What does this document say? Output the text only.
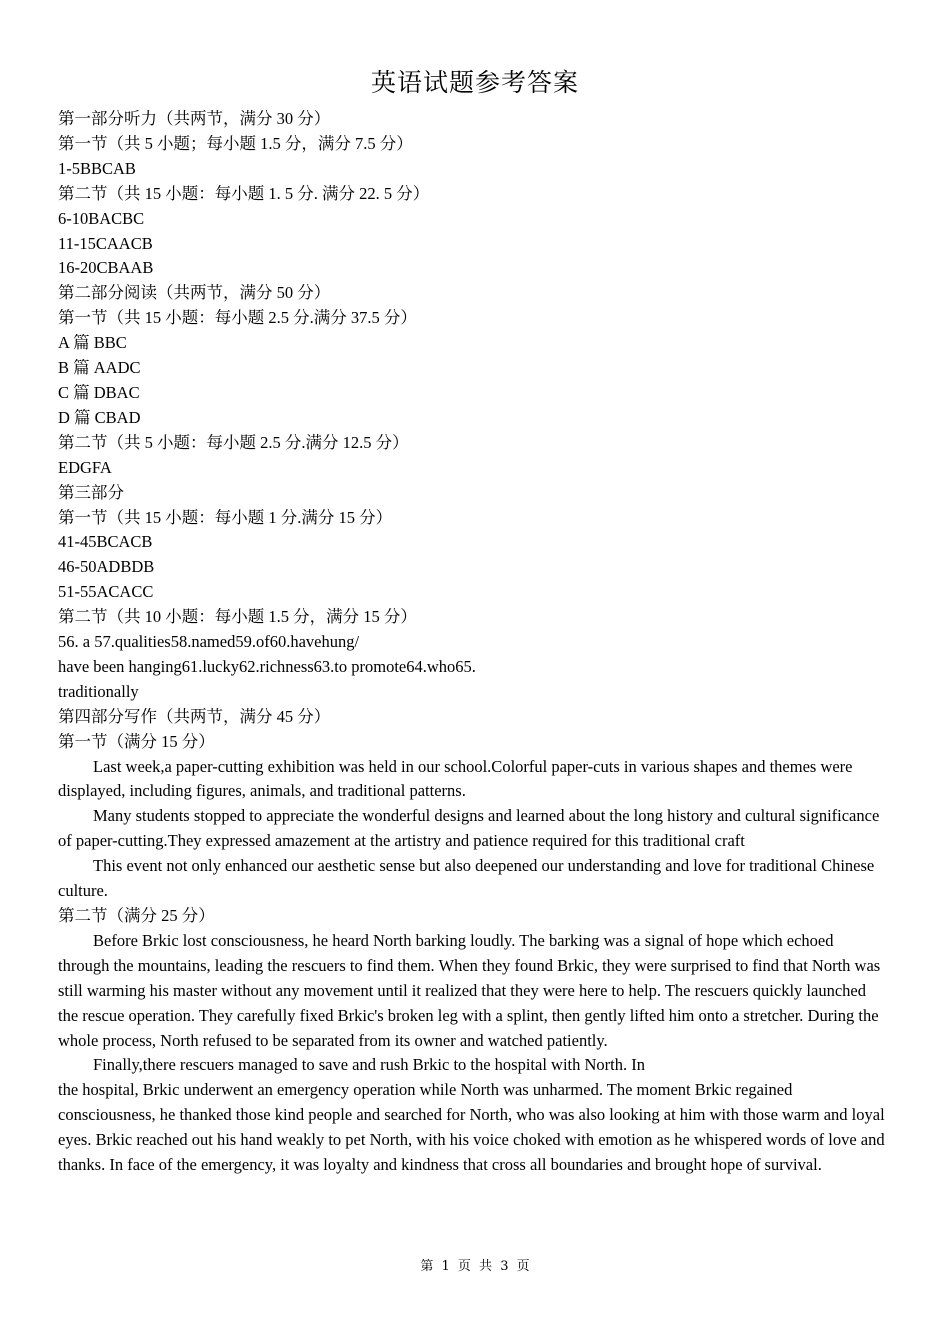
英语试题参考答案
第一部分听力（共两节，满分 30 分）
第一节（共 5 小题；每小题 1.5 分，满分 7.5 分）
1-5BBCAB
第二节（共 15 小题：每小题 1. 5 分. 满分 22. 5 分）
6-10BACBC
11-15CAACB
16-20CBAAB
第二部分阅读（共两节，满分 50 分）
第一节（共 15 小题：每小题 2.5 分.满分 37.5 分）
A 篇 BBC
B 篇 AADC
C 篇 DBAC
D 篇 CBAD
第二节（共 5 小题：每小题 2.5 分.满分 12.5 分）
EDGFA
第三部分
第一节（共 15 小题：每小题 1 分.满分 15 分）
41-45BCACB
46-50ADBDB
51-55ACACC
第二节（共 10 小题：每小题 1.5 分，满分 15 分）
56. a 57.qualities58.named59.of60.havehung/
have been hanging61.lucky62.richness63.to promote64.who65.
traditionally
第四部分写作（共两节，满分 45 分）
第一节（满分 15 分）
Last week,a paper-cutting exhibition was held in our school.Colorful paper-cuts in various shapes and themes were displayed, including figures, animals, and traditional patterns.
Many students stopped to appreciate the wonderful designs and learned about the long history and cultural significance of paper-cutting.They expressed amazement at the artistry and patience required for this traditional craft
This event not only enhanced our aesthetic sense but also deepened our understanding and love for traditional Chinese culture.
第二节（满分 25 分）
Before Brkic lost consciousness, he heard North barking loudly. The barking was a signal of hope which echoed through the mountains, leading the rescuers to find them. When they found Brkic, they were surprised to find that North was still warming his master without any movement until it realized that they were here to help. The rescuers quickly launched the rescue operation. They carefully fixed Brkic's broken leg with a splint, then gently lifted him onto a stretcher. During the whole process, North refused to be separated from its owner and watched patiently.
Finally,there rescuers managed to save and rush Brkic to the hospital with North. In
the hospital, Brkic underwent an emergency operation while North was unharmed. The moment Brkic regained consciousness, he thanked those kind people and searched for North, who was also looking at him with those warm and loyal eyes. Brkic reached out his hand weakly to pet North, with his voice choked with emotion as he whispered words of love and thanks. In face of the emergency, it was loyalty and kindness that cross all boundaries and brought hope of survival.
第 1 页 共 3 页
